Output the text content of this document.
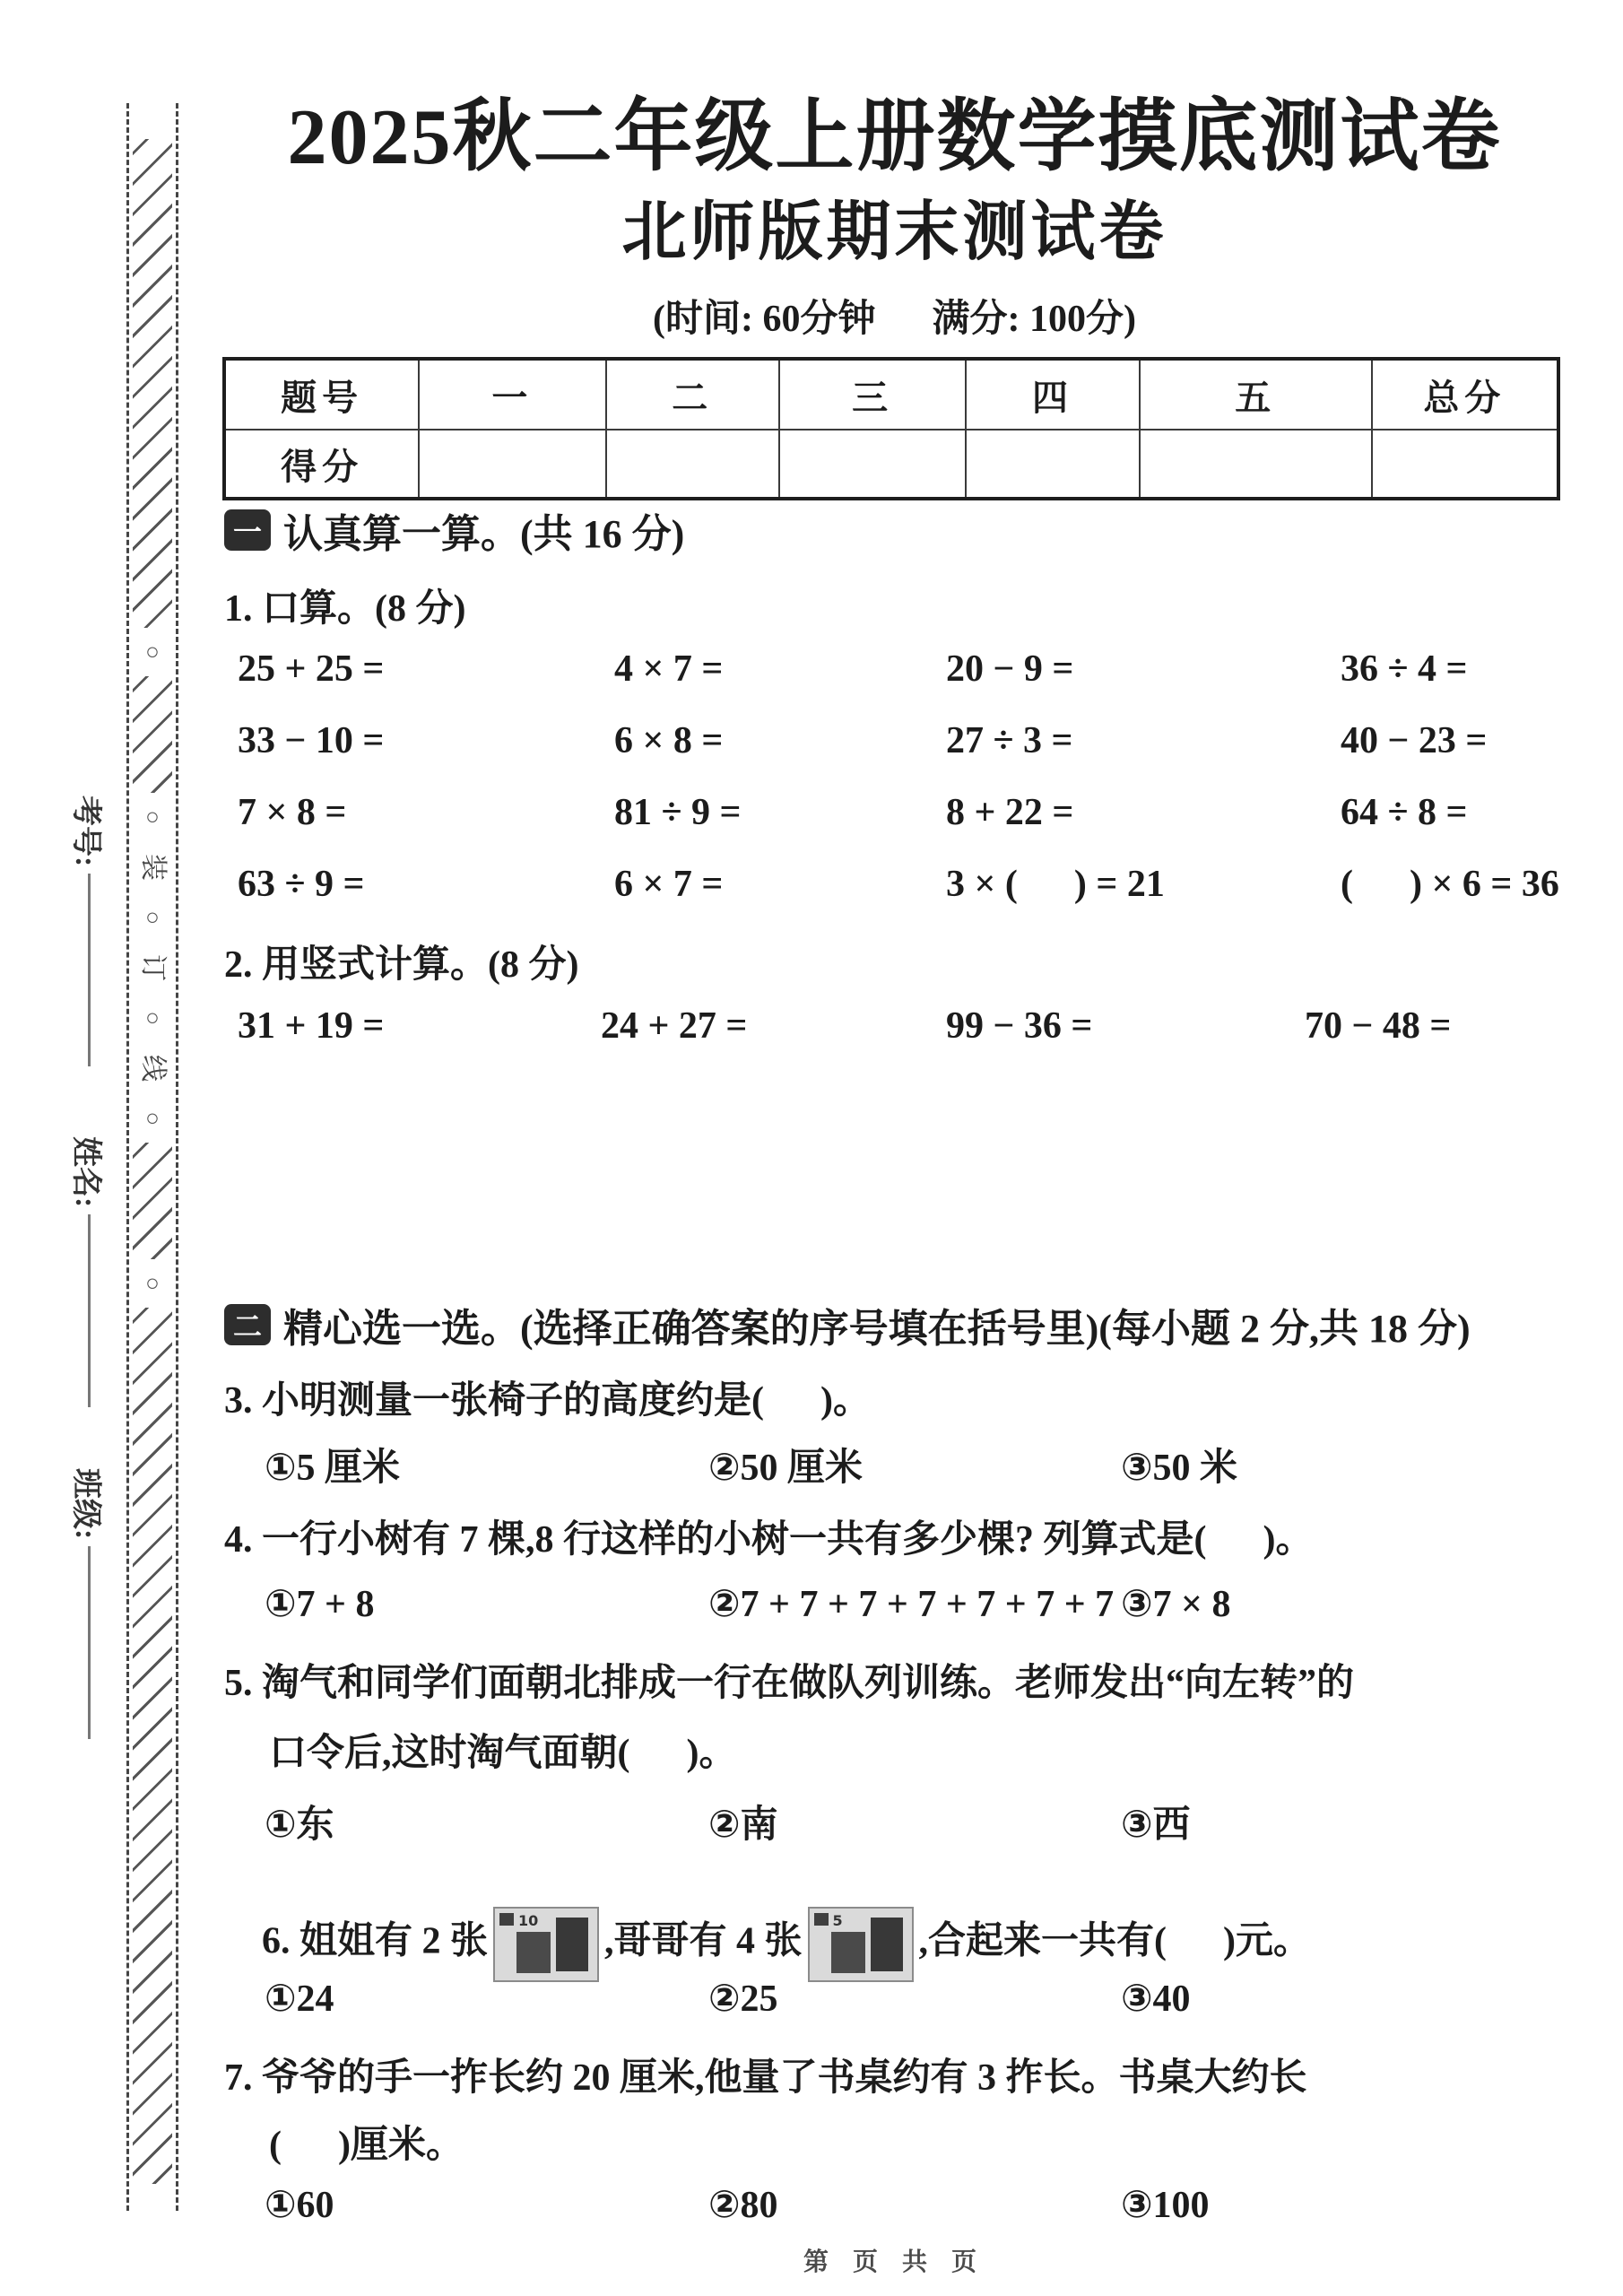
○
○
装
○
订
○
线
○
○
考号:
姓名:
班级:
2025秋二年级上册数学摸底测试卷
北师版期末测试卷
(时间: 60分钟      满分: 100分)
题号	一	二	三	四	五	总分
得分						
一 认真算一算。 (共 16 分)
1. 口算。(8 分)
25 + 25 =	4 × 7 =	20 − 9 =	36 ÷ 4 =
33 − 10 =	6 × 8 =	27 ÷ 3 =	40 − 23 =
7 × 8 =	81 ÷ 9 =	8 + 22 =	64 ÷ 8 =
63 ÷ 9 =	6 × 7 =	3 × (      ) = 21	(      ) × 6 = 36
2. 用竖式计算。(8 分)
31 + 19 =	24 + 27 =	99 − 36 =	70 − 48 =
二 精心选一选。 (选择正确答案的序号填在括号里)(每小题 2 分,共 18 分)
3. 小明测量一张椅子的高度约是(      )。
①5 厘米	②50 厘米	③50 米
4. 一行小树有 7 棵,8 行这样的小树一共有多少棵? 列算式是(      )。
①7 + 8	②7 + 7 + 7 + 7 + 7 + 7 + 7 ③7 × 8
5. 淘气和同学们面朝北排成一行在做队列训练。老师发出“向左转”的
口令后,这时淘气面朝(      )。
①东	②南	③西

6. 姐姐有 2 张
10
,哥哥有 4 张
5
,合起来一共有(      )元。

①24	②25	③40
7. 爷爷的手一拃长约 20 厘米,他量了书桌约有 3 拃长。书桌大约长
(      )厘米。
①60	②80	③100
第 页 共 页
